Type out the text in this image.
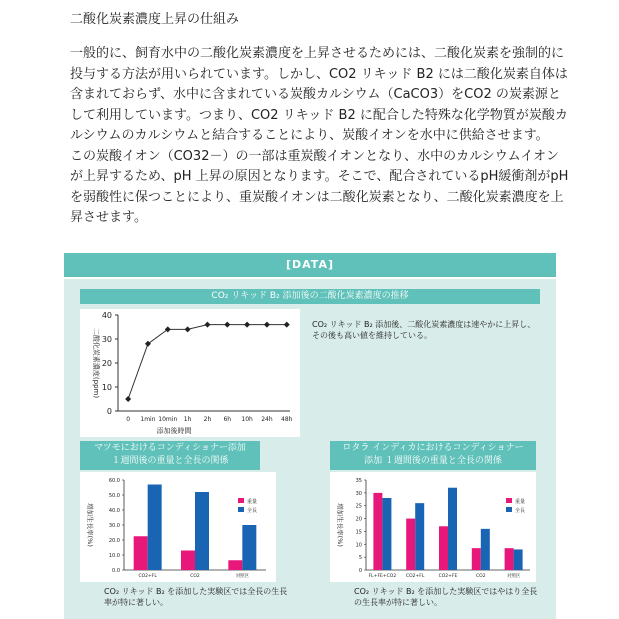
二酸化炭素濃度上昇の仕組み

一般的に、飼育水中の二酸化炭素濃度を上昇させるためには、二酸化炭素を強制的に投与する方法が用いられています。しかし、CO2 リキッド B2 には二酸化炭素自体は含まれておらず、水中に含まれている炭酸カルシウム（CaCO3）をCO2 の炭素源として利用しています。つまり、CO2 リキッド B2 に配合した特殊な化学物質が炭酸カルシウムのカルシウムと結合することにより、炭酸イオンを水中に供給させます。

この炭酸イオン（CO32－）の一部は重炭酸イオンとなり、水中のカルシウムイオンが上昇するため、pH 上昇の原因となります。そこで、配合されているpH緩衝剤がpHを弱酸性に保つことにより、重炭酸イオンは二酸化炭素となり、二酸化炭素濃度を上昇させます。

[DATA]
CO₂ リキッド B₂ 添加後の二酸化炭素濃度の推移
0
10
20
30
40
0 1min 10min 1h 2h 6h 10h 24h 48h
添加後時間
二酸化炭素濃度(ppm)
CO₂ リキッド B₂ 添加後、二酸化炭素濃度は速やかに上昇し、その後も高い値を維持している。
マツモにおけるコンディショナー添加
１週間後の重量と全長の関係
0.0
10.0
20.0
30.0
40.0
50.0
60.0
増加生長率(%)
CO2+FL	CO2	対照区
重量
全長
CO₂ リキッド B₂ を添加した実験区では全長の生長率が特に著しい。
ロタラ インディカにおけるコンディショナー
添加 １週間後の重量と全長の関係
0
5
10
15
20
25
30
35
増加生長率(%)
FL+FE+CO2 CO2+FL	CO2+FE	CO2	対照区
重量
全長
CO₂ リキッド B₂ を添加した実験区ではやはり全長の生長率が特に著しい。
